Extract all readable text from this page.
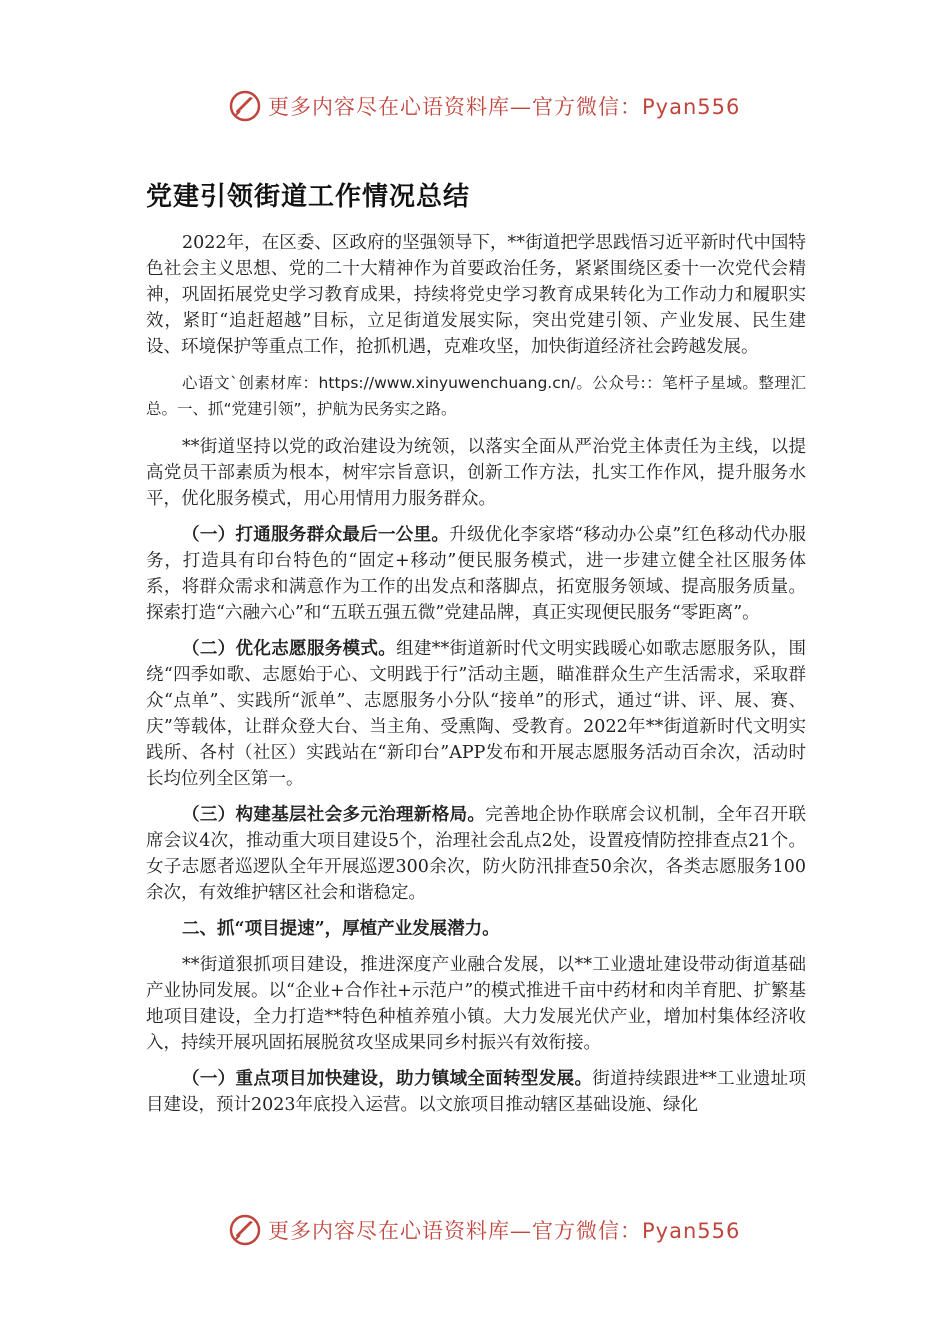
更多内容尽在心语资料库—官方微信：Pyan556
党建引领街道工作情况总结

2022年，在区委、区政府的坚强领导下，**街道把学思践悟习近平新时代中国特色社会主义思想、党的二十大精神作为首要政治任务，紧紧围绕区委十一次党代会精神，巩固拓展党史学习教育成果，持续将党史学习教育成果转化为工作动力和履职实效，紧盯“追赶超越”目标，立足街道发展实际，突出党建引领、产业发展、民生建设、环境保护等重点工作，抢抓机遇，克难攻坚，加快街道经济社会跨越发展。

心语文`创素材库：https://www.xinyuwenchuang.cn/。公众号:：笔杆子星域。整理汇总。一、抓“党建引领”，护航为民务实之路。

**街道坚持以党的政治建设为统领，以落实全面从严治党主体责任为主线，以提高党员干部素质为根本，树牢宗旨意识，创新工作方法，扎实工作作风，提升服务水平，优化服务模式，用心用情用力服务群众。

（一）打通服务群众最后一公里。升级优化李家塔“移动办公桌”红色移动代办服务，打造具有印台特色的“固定+移动”便民服务模式，进一步建立健全社区服务体系，将群众需求和满意作为工作的出发点和落脚点，拓宽服务领域、提高服务质量。探索打造“六融六心”和“五联五强五微”党建品牌，真正实现便民服务“零距离”。

（二）优化志愿服务模式。组建**街道新时代文明实践暖心如歌志愿服务队，围绕“四季如歌、志愿始于心、文明践于行”活动主题，瞄准群众生产生活需求，采取群众“点单”、实践所“派单”、志愿服务小分队“接单”的形式，通过“讲、评、展、赛、庆”等载体，让群众登大台、当主角、受熏陶、受教育。2022年**街道新时代文明实践所、各村（社区）实践站在“新印台”APP发布和开展志愿服务活动百余次，活动时长均位列全区第一。

（三）构建基层社会多元治理新格局。完善地企协作联席会议机制，全年召开联席会议4次，推动重大项目建设5个，治理社会乱点2处，设置疫情防控排查点21个。女子志愿者巡逻队全年开展巡逻300余次，防火防汛排查50余次，各类志愿服务100余次，有效维护辖区社会和谐稳定。

二、抓“项目提速”，厚植产业发展潜力。

**街道狠抓项目建设，推进深度产业融合发展，以**工业遗址建设带动街道基础产业协同发展。以“企业+合作社+示范户”的模式推进千亩中药材和肉羊育肥、扩繁基地项目建设，全力打造**特色种植养殖小镇。大力发展光伏产业，增加村集体经济收入，持续开展巩固拓展脱贫攻坚成果同乡村振兴有效衔接。

（一）重点项目加快建设，助力镇域全面转型发展。街道持续跟进**工业遗址项目建设，预计2023年底投入运营。以文旅项目推动辖区基础设施、绿化

更多内容尽在心语资料库—官方微信：Pyan556
